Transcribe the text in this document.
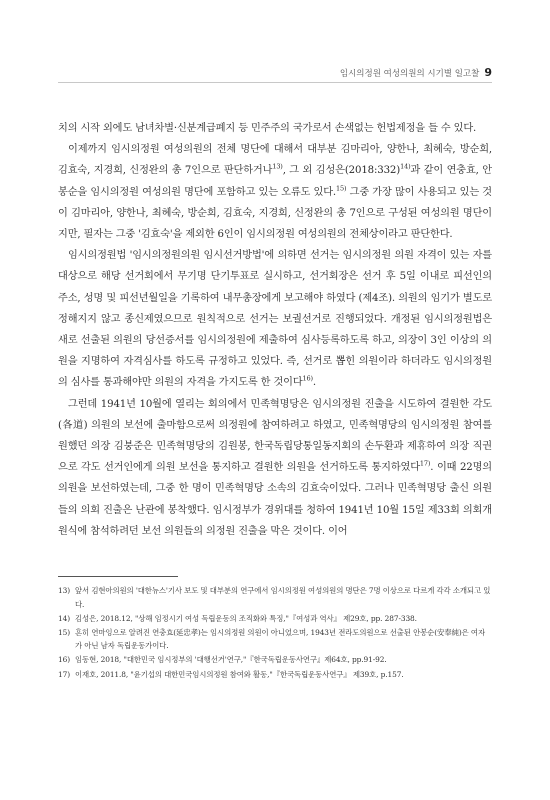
임시의정원 여성의원의 시기별 일고찰 9

치의 시작 외에도 남녀차별·신분계급폐지 등 민주주의 국가로서 손색없는 헌법제정을 들 수 있다.

이제까지 임시의정원 여성의원의 전체 명단에 대해서 대부분 김마리아, 양한나, 최혜숙, 방순희, 김효숙, 지경희, 신정완의 총 7인으로 판단하거나$^{13)}$, 그 외 김성은(2018:332)$^{14)}$과 같이 연충효, 안봉순을 임시의정원 여성의원 명단에 포함하고 있는 오류도 있다.$^{15)}$ 그중 가장 많이 사용되고 있는 것이 김마리아, 양한나, 최혜숙, 방순희, 김효숙, 지경희, 신정완의 총 7인으로 구성된 여성의원 명단이지만, 필자는 그중 '김효숙'을 제외한 6인이 임시의정원 여성의원의 전체상이라고 판단한다.

임시의정원법 '임시의정원의원 임시선거방법'에 의하면 선거는 임시의정원 의원 자격이 있는 자를 대상으로 해당 선거회에서 무기명 단기투표로 실시하고, 선거회장은 선거 후 5일 이내로 피선인의 주소, 성명 및 피선년월일을 기록하여 내무총장에게 보고해야 하였다 (제4조). 의원의 임기가 별도로 정해지지 않고 종신제였으므로 원칙적으로 선거는 보궐선거로 진행되었다. 개정된 임시의정원법은 새로 선출된 의원의 당선증서를 임시의정원에 제출하여 심사등록하도록 하고, 의장이 3인 이상의 의원을 지명하여 자격심사를 하도록 규정하고 있었다. 즉, 선거로 뽑힌 의원이라 하더라도 임시의정원의 심사를 통과해야만 의원의 자격을 가지도록 한 것이다$^{16)}$.

그런데 1941년 10월에 열리는 회의에서 민족혁명당은 임시의정원 진출을 시도하여 결원한 각도(各道) 의원의 보선에 출마함으로써 의정원에 참여하려고 하였고, 민족혁명당의 임시의정원 참여를 원했던 의장 김붕준은 민족혁명당의 김원봉, 한국독립당통일동지회의 손두환과 제휴하여 의장 직권으로 각도 선거인에게 의원 보선을 통지하고 결원한 의원을 선거하도록 통지하였다$^{17)}$. 이때 22명의 의원을 보선하였는데, 그중 한 명이 민족혁명당 소속의 김효숙이었다. 그러나 민족혁명당 출신 의원들의 의회 진출은 난관에 봉착했다. 임시정부가 경위대를 청하여 1941년 10월 15일 제33회 의회개원식에 참석하려던 보선 의원들의 의정원 진출을 막은 것이다. 이어

13) 앞서 김현아의원의 '대한뉴스'기사 보도 및 대부분의 연구에서 임시의정원 여성의원의 명단은 7명 이상으로 다르게 각각 소개되고 있다.
14) 김성은, 2018.12, "상해 임정시기 여성 독립운동의 조직화와 특징,"『여성과 역사』 제29호, pp. 287-338.
15) 흔히 연마잉으로 알려진 연충효(延忠孝)는 임시의정원 의원이 아니었으며, 1943년 전라도의원으로 선출된 안봉순(安奉純)은 여자가 아닌 남자 독립운동가이다.
16) 임동현, 2018, "대한민국 임시정부의 '대행선거'연구,"『한국독립운동사연구』제64호, pp.91-92.
17) 이재호, 2011.8, "윤기섭의 대한민국임시의정원 참여와 활동,"『한국독립운동사연구』 제39호, p.157.
